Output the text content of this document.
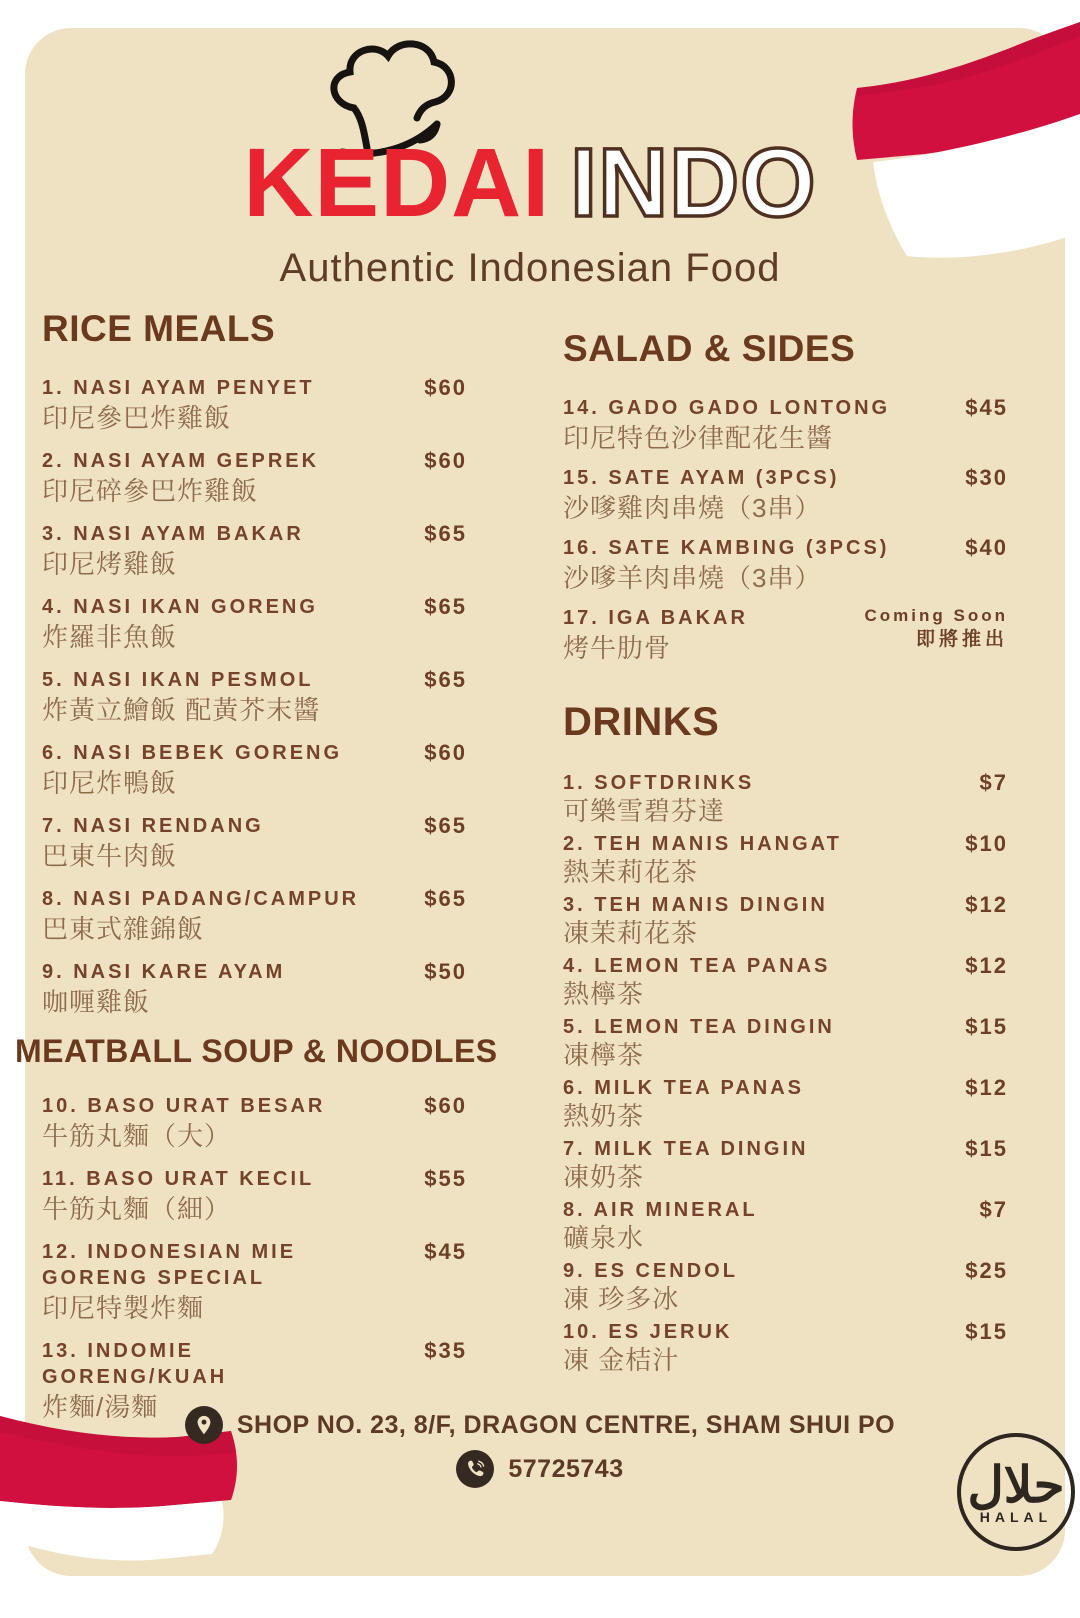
KEDAI INDO
Authentic Indonesian Food
RICE MEALS
1. NASI AYAM PENYET
印尼參巴炸雞飯
$60
2. NASI AYAM GEPREK
印尼碎參巴炸雞飯
$60
3. NASI AYAM BAKAR
印尼烤雞飯
$65
4. NASI IKAN GORENG
炸羅非魚飯
$65
5. NASI IKAN PESMOL
炸黃立鱠飯 配黃芥末醬
$65
6. NASI BEBEK GORENG
印尼炸鴨飯
$60
7. NASI RENDANG
巴東牛肉飯
$65
8. NASI PADANG/CAMPUR
巴東式雜錦飯
$65
9. NASI KARE AYAM
咖喱雞飯
$50
MEATBALL SOUP & NOODLES
10. BASO URAT BESAR
牛筋丸麵（大）
$60
11. BASO URAT KECIL
牛筋丸麵（細）
$55
12. INDONESIAN MIE GORENG SPECIAL
印尼特製炸麵
$45
13. INDOMIE GORENG/KUAH
炸麵/湯麵
$35
SALAD & SIDES
14. GADO GADO LONTONG
印尼特色沙律配花生醬
$45
15. SATE AYAM (3PCS)
沙嗲雞肉串燒（3串）
$30
16. SATE KAMBING (3PCS)
沙嗲羊肉串燒（3串）
$40
17. IGA BAKAR
烤牛肋骨
Coming Soon
即將推出
DRINKS
1. SOFTDRINKS
可樂雪碧芬達
$7
2. TEH MANIS HANGAT
熱茉莉花茶
$10
3. TEH MANIS DINGIN
凍茉莉花茶
$12
4. LEMON TEA PANAS
熱檸茶
$12
5. LEMON TEA DINGIN
凍檸茶
$15
6. MILK TEA PANAS
熱奶茶
$12
7. MILK TEA DINGIN
凍奶茶
$15
8. AIR MINERAL
礦泉水
$7
9. ES CENDOL
凍 珍多冰
$25
10. ES JERUK
凍 金桔汁
$15
SHOP NO. 23, 8/F, DRAGON CENTRE, SHAM SHUI PO
57725743	حلال
HALAL
